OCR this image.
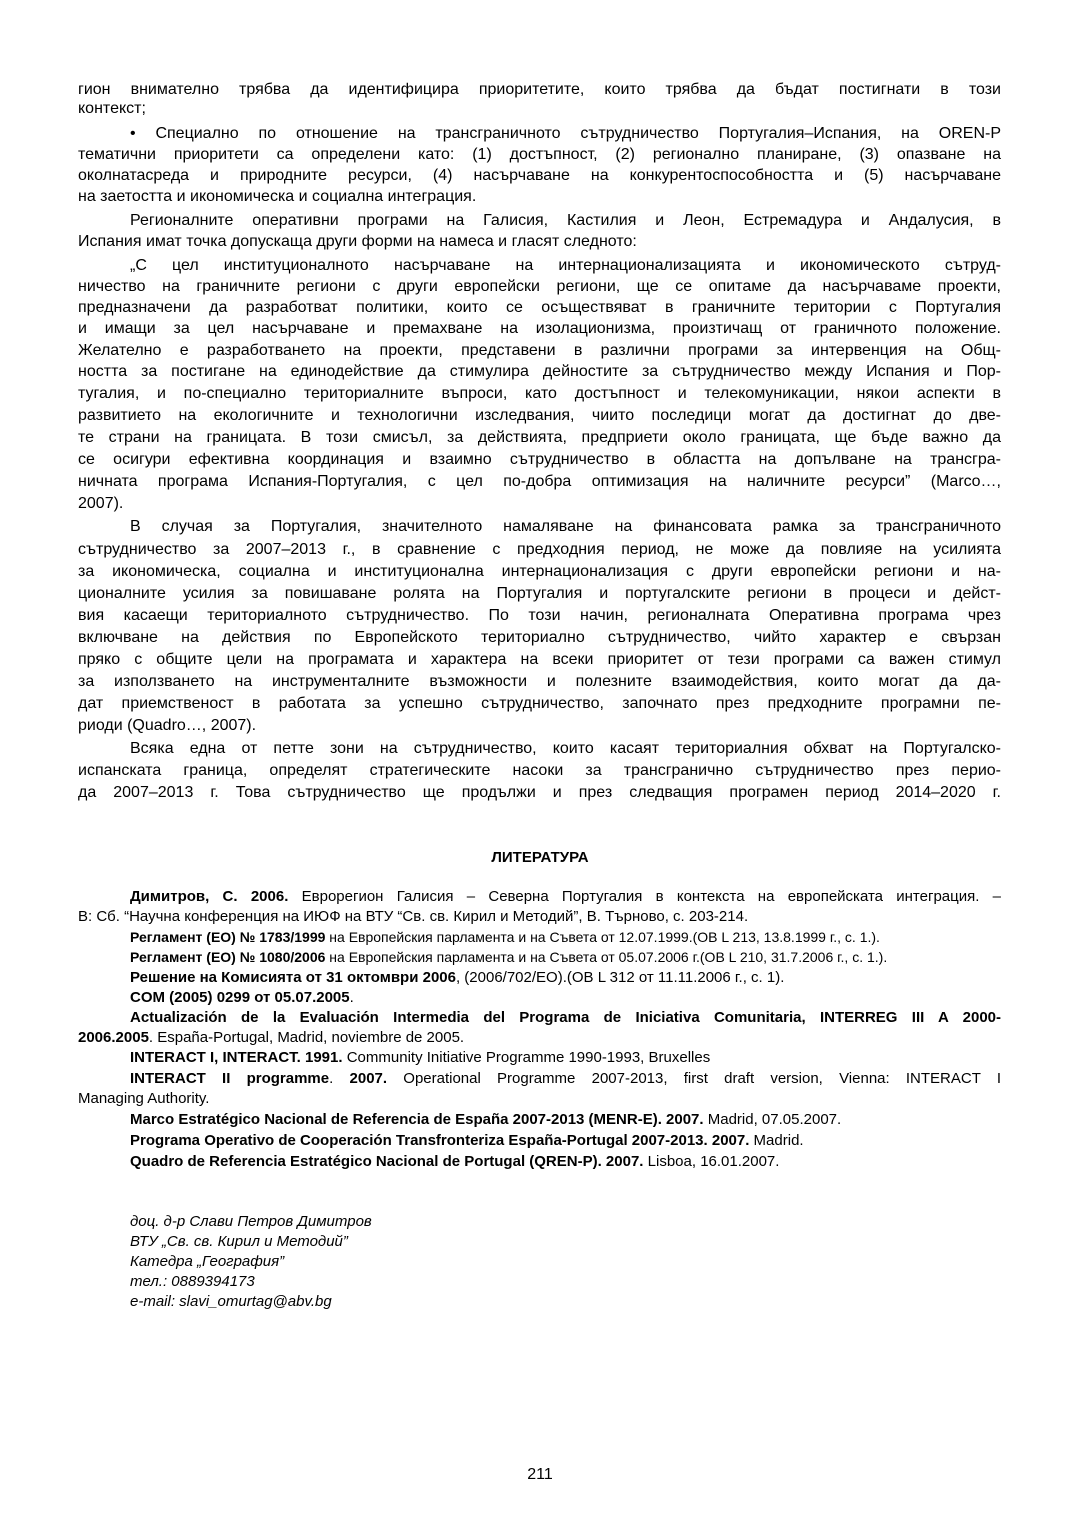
гион внимателно трябва да идентифицира приоритетите, които трябва да бъдат постигнати в този

контекст;

• Специално по отношение на трансграничното сътрудничество Португалия–Испания, на OREN-P

тематични приоритети са определени като: (1) достъпност, (2) регионално планиране, (3) опазване на

околнатасреда и природните ресурси, (4) насърчаване на конкурентоспособността и (5) насърчаване

на заетостта и икономическа и социална интеграция.

Регионалните оперативни програми на Галисия, Кастилия и Леон, Естремадура и Андалусия, в

Испания имат точка допускаща други форми на намеса и гласят следното:

„С цел институционалното насърчаване на интернационализацията и икономическото сътруд-

ничество на граничните региони с други европейски региони, ще се опитаме да насърчаваме проекти,

предназначени да разработват политики, които се осъществяват в граничните територии с Португалия

и имащи за цел насърчаване и премахване на изолационизма, произтичащ от граничното положение.

Желателно е разработването на проекти, представени в различни програми за интервенция на Общ-

ността за постигане на единодействие да стимулира дейностите за сътрудничество между Испания и Пор-

тугалия, и по-специално териториалните въпроси, като достъпност и телекомуникации, някои аспекти в

развитието на екологичните и технологични изследвания, чиито последици могат да достигнат до две-

те страни на границата. В този смисъл, за действията, предприети около границата, ще бъде важно да

се осигури ефективна координация и взаимно сътрудничество в областта на допълване на трансгра-

ничната програма Испания-Португалия, с цел по-добра оптимизация на наличните ресурси” (Marco…,

2007).

В случая за Португалия, значителното намаляване на финансовата рамка за трансграничното

сътрудничество за 2007–2013 г., в сравнение с предходния период, не може да повлияе на усилията

за икономическа, социална и институционална интернационализация с други европейски региони и на-

ционалните усилия за повишаване ролята на Португалия и португалските региони в процеси и дейст-

вия касаещи териториалното сътрудничество. По този начин, регионалната Оперативна програма чрез

включване на действия по Европейското териториално сътрудничество, чийто характер е свързан

пряко с общите цели на програмата и характера на всеки приоритет от тези програми са важен стимул

за използването на инструменталните възможности и полезните взаимодействия, които могат да да-

дат приемственост в работата за успешно сътрудничество, започнато през предходните програмни пе-

риоди (Quadro…, 2007).

Всяка една от петте зони на сътрудничество, които касаят териториалния обхват на Португалско-

испанската граница, определят стратегическите насоки за трансгранично сътрудничество през перио-

да 2007–2013 г. Това сътрудничество ще продължи и през следващия програмен период 2014–2020 г.

ЛИТЕРАТУРА

Димитров, С. 2006. Еврорегион Галисия – Северна Португалия в контекста на европейската интеграция. –

В: Сб. “Научна конференция на ИЮФ на ВТУ “Св. св. Кирил и Методий”, В. Търново, с. 203-214.

Регламент (ЕО) № 1783/1999 на Европейския парламента и на Съвета от 12.07.1999.(ОВ L 213, 13.8.1999 г., с. 1.).

Регламент (ЕО) № 1080/2006 на Европейския парламента и на Съвета от 05.07.2006 г.(ОВ L 210, 31.7.2006 г., с. 1.).

Решение на Комисията от 31 октомври 2006, (2006/702/ЕО).(OB L 312 от 11.11.2006 г., с. 1).

COM (2005) 0299 от 05.07.2005.

Actualización de la Evaluación Intermedia del Programa de Iniciativa Comunitaria, INTERREG III A 2000-

2006.2005. España-Portugal, Madrid, noviembre de 2005.

INTERACT I, INTERACT. 1991. Community Initiative Programme 1990-1993, Bruxelles

INTERACT II programme. 2007. Operational Programme 2007-2013, first draft version, Vienna: INTERACT I

Managing Authority.

Marco Estratégico Nacional de Referencia de España 2007-2013 (MENR-E). 2007. Madrid, 07.05.2007.

Programa Operativo de Cooperación Transfronteriza España-Portugal 2007-2013. 2007. Madrid.

Quadro de Referencia Estratégico Nacional de Portugal (QREN-P). 2007. Lisboa, 16.01.2007.

доц. д-р Слави Петров Димитров

ВТУ „Св. св. Кирил и Методий”

Катедра „География”

тел.: 0889394173

e-mail: slavi_omurtag@abv.bg

211
